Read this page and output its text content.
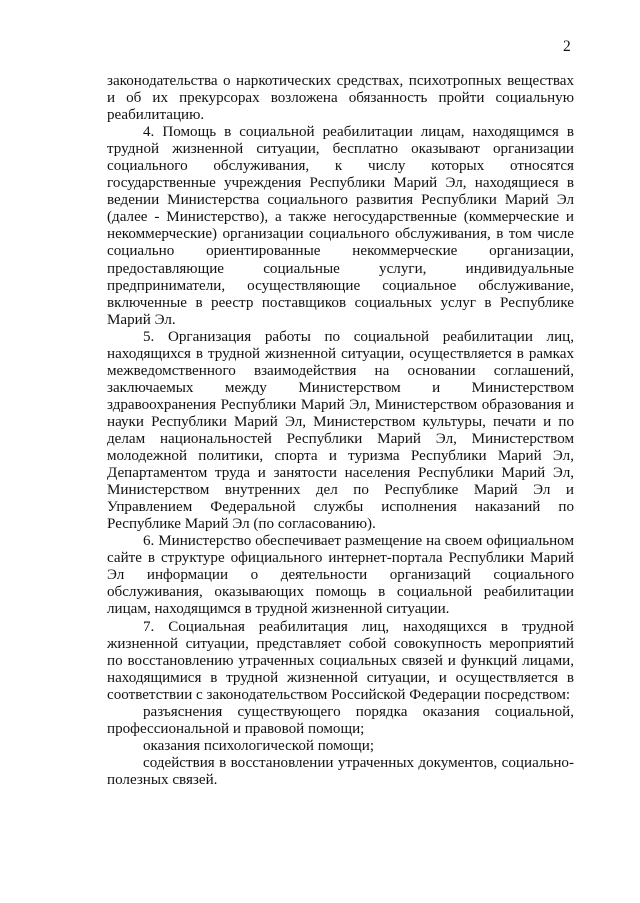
2

законодательства о наркотических средствах, психотропных веществах и об их прекурсорах возложена обязанность пройти социальную реабилитацию.

4. Помощь в социальной реабилитации лицам, находящимся в трудной жизненной ситуации, бесплатно оказывают организации социального обслуживания, к числу которых относятся государственные учреждения Республики Марий Эл, находящиеся в ведении Министерства социального развития Республики Марий Эл (далее - Министерство), а также негосударственные (коммерческие и некоммерческие) организации социального обслуживания, в том числе социально ориентированные некоммерческие организации, предоставляющие социальные услуги, индивидуальные предприниматели, осуществляющие социальное обслуживание, включенные в реестр поставщиков социальных услуг в Республике Марий Эл.

5. Организация работы по социальной реабилитации лиц, находящихся в трудной жизненной ситуации, осуществляется в рамках межведомственного взаимодействия на основании соглашений, заключаемых между Министерством и Министерством здравоохранения Республики Марий Эл, Министерством образования и науки Республики Марий Эл, Министерством культуры, печати и по делам национальностей Республики Марий Эл, Министерством молодежной политики, спорта и туризма Республики Марий Эл, Департаментом труда и занятости населения Республики Марий Эл, Министерством внутренних дел по Республике Марий Эл и Управлением Федеральной службы исполнения наказаний по Республике Марий Эл (по согласованию).

6. Министерство обеспечивает размещение на своем официальном сайте в структуре официального интернет-портала Республики Марий Эл информации о деятельности организаций социального обслуживания, оказывающих помощь в социальной реабилитации лицам, находящимся в трудной жизненной ситуации.

7. Социальная реабилитация лиц, находящихся в трудной жизненной ситуации, представляет собой совокупность мероприятий по восстановлению утраченных социальных связей и функций лицами, находящимися в трудной жизненной ситуации, и осуществляется в соответствии с законодательством Российской Федерации посредством:

разъяснения существующего порядка оказания социальной, профессиональной и правовой помощи;

оказания психологической помощи;

содействия в восстановлении утраченных документов, социально-полезных связей.
